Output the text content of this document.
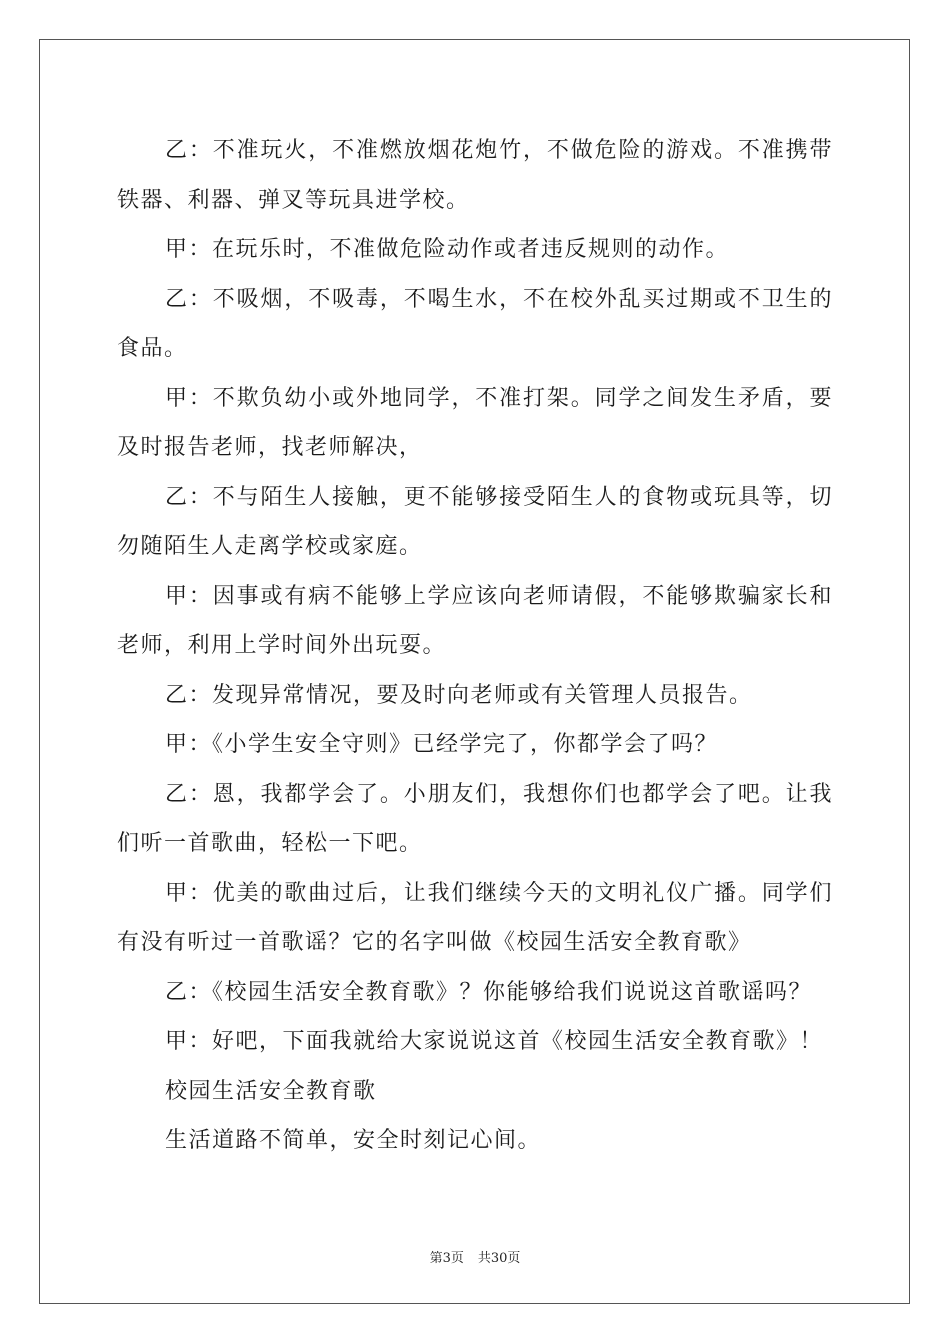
乙：不准玩火，不准燃放烟花炮竹，不做危险的游戏。不准携带铁器、利器、弹叉等玩具进学校。

甲：在玩乐时，不准做危险动作或者违反规则的动作。

乙：不吸烟，不吸毒，不喝生水，不在校外乱买过期或不卫生的食品。

甲：不欺负幼小或外地同学，不准打架。同学之间发生矛盾，要及时报告老师，找老师解决，

乙：不与陌生人接触，更不能够接受陌生人的食物或玩具等，切勿随陌生人走离学校或家庭。

甲：因事或有病不能够上学应该向老师请假，不能够欺骗家长和老师，利用上学时间外出玩耍。

乙：发现异常情况，要及时向老师或有关管理人员报告。

甲：《小学生安全守则》已经学完了，你都学会了吗？

乙：恩，我都学会了。小朋友们，我想你们也都学会了吧。让我们听一首歌曲，轻松一下吧。

甲：优美的歌曲过后，让我们继续今天的文明礼仪广播。同学们有没有听过一首歌谣？它的名字叫做《校园生活安全教育歌》

乙：《校园生活安全教育歌》？你能够给我们说说这首歌谣吗？

甲：好吧，下面我就给大家说说这首《校园生活安全教育歌》！

校园生活安全教育歌

生活道路不简单，安全时刻记心间。

第3页 共30页
